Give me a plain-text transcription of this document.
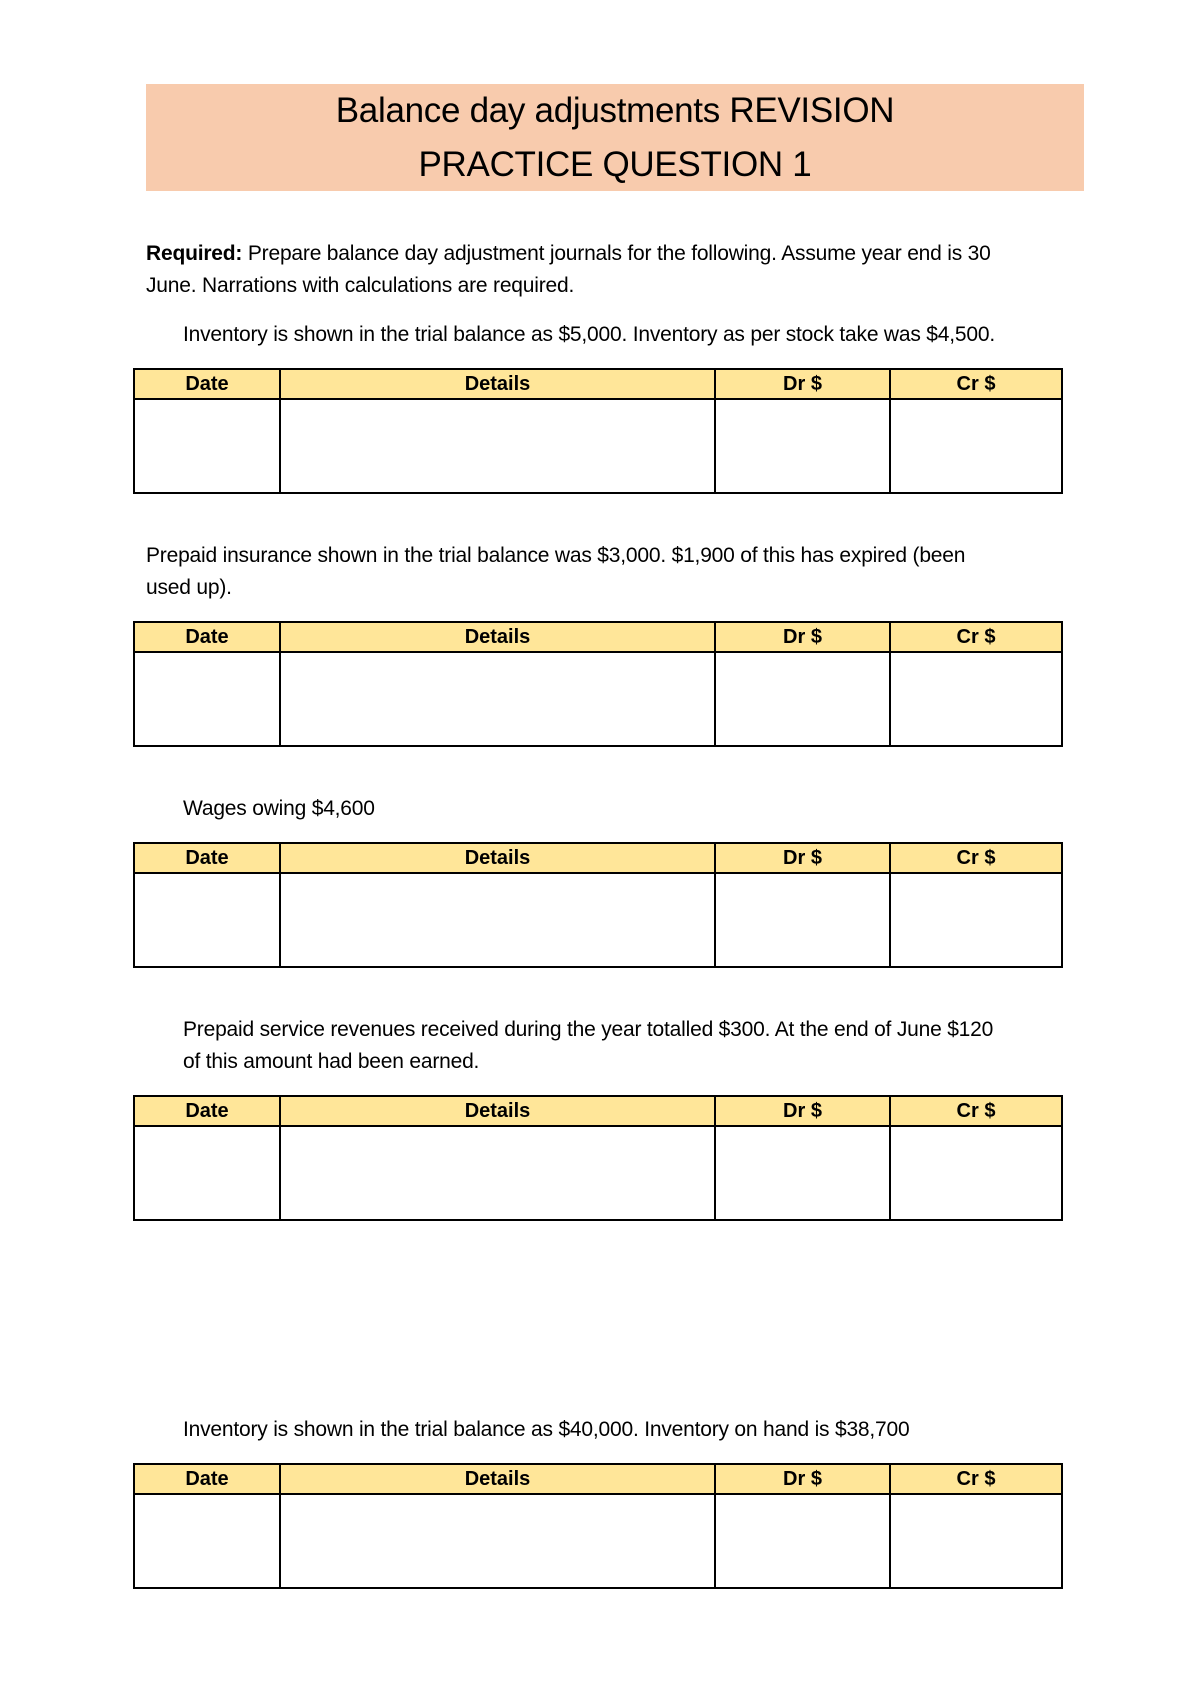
Balance day adjustments REVISION
PRACTICE QUESTION 1
Required: Prepare balance day adjustment journals for the following. Assume year end is 30
June. Narrations with calculations are required.
Inventory is shown in the trial balance as $5,000. Inventory as per stock take was $4,500.
Date	Details	Dr $	Cr $

Prepaid insurance shown in the trial balance was $3,000. $1,900 of this has expired (been
used up).
Date	Details	Dr $	Cr $

Wages owing $4,600
Date	Details	Dr $	Cr $

Prepaid service revenues received during the year totalled $300. At the end of June $120
of this amount had been earned.
Date	Details	Dr $	Cr $

Inventory is shown in the trial balance as $40,000. Inventory on hand is $38,700
Date	Details	Dr $	Cr $
